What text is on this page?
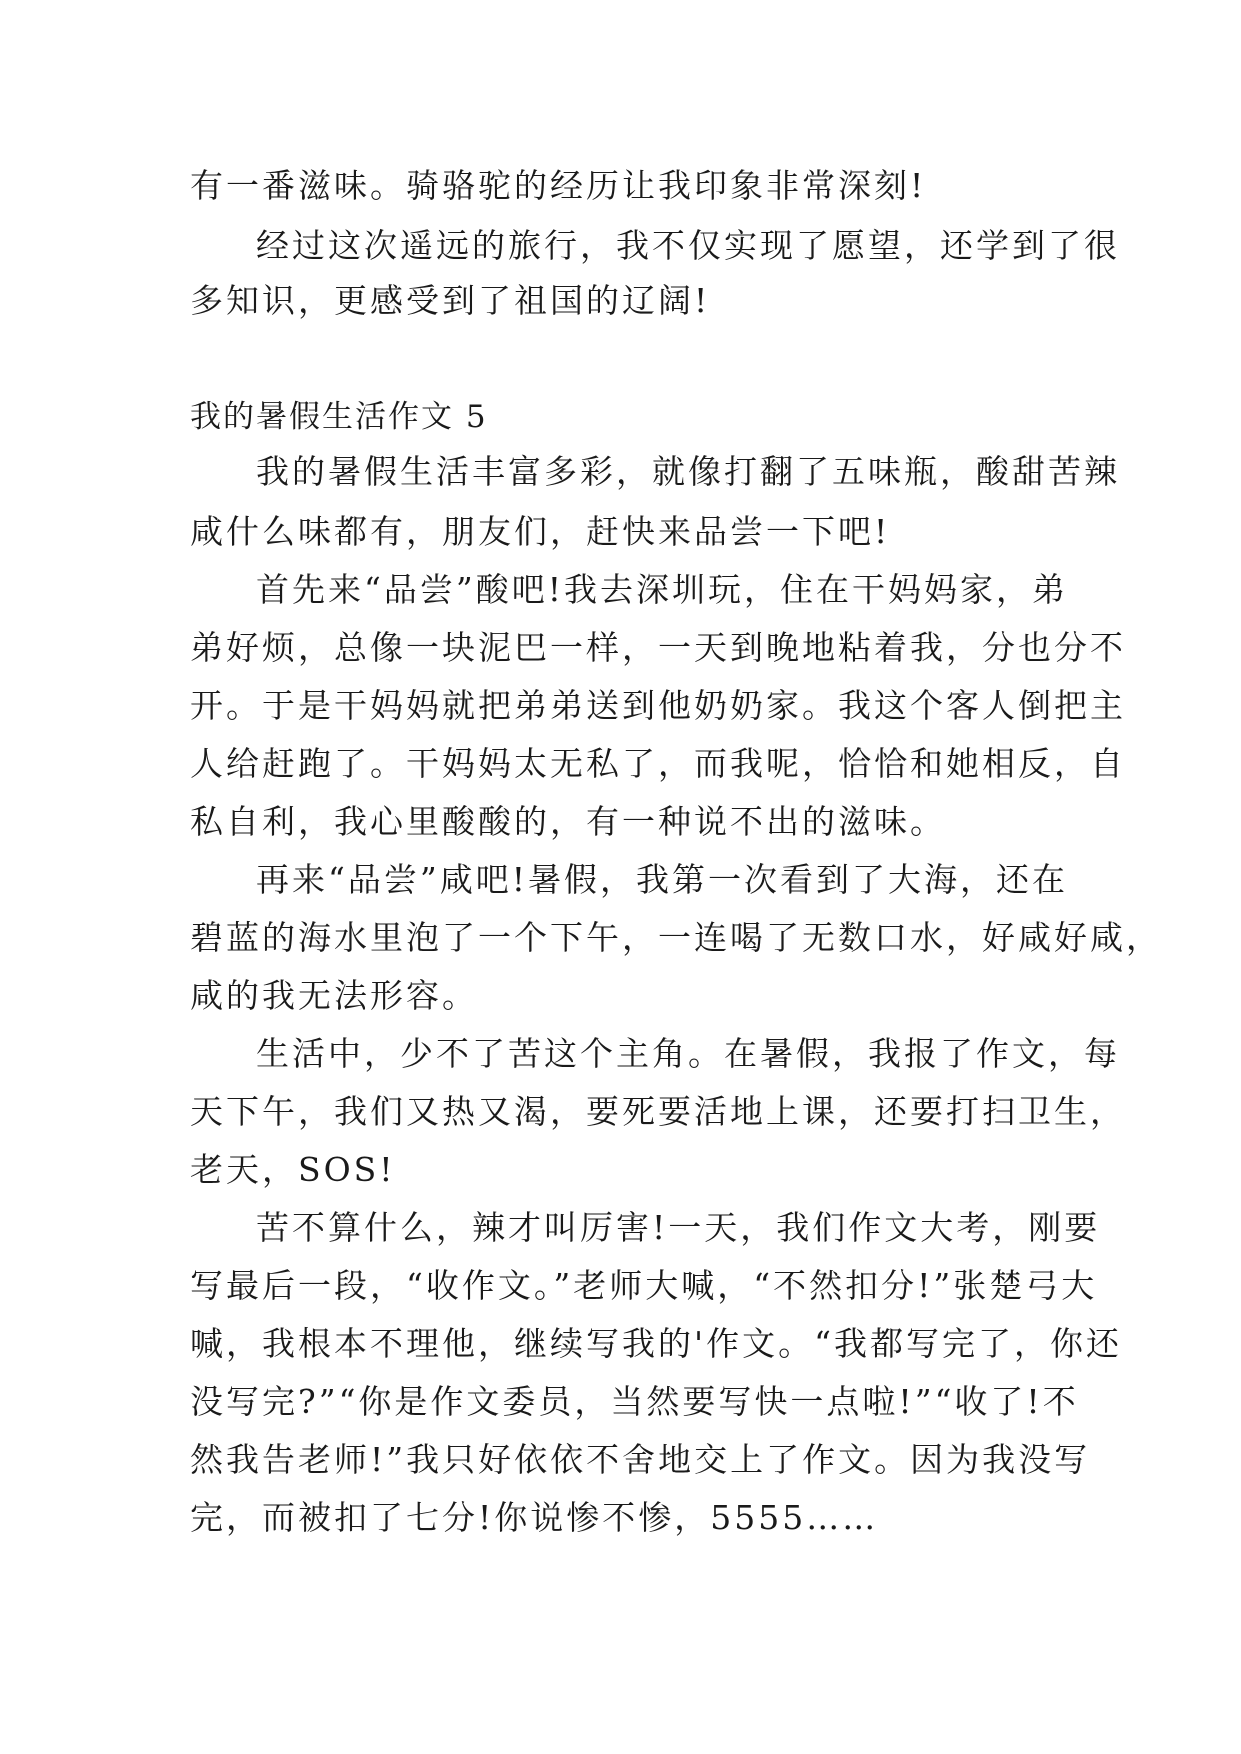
有一番滋味。骑骆驼的经历让我印象非常深刻!
经过这次遥远的旅行，我不仅实现了愿望，还学到了很
多知识，更感受到了祖国的辽阔!
我的暑假生活作文 5
我的暑假生活丰富多彩，就像打翻了五味瓶，酸甜苦辣
咸什么味都有，朋友们，赶快来品尝一下吧!
首先来“品尝”酸吧!我去深圳玩，住在干妈妈家，弟
弟好烦，总像一块泥巴一样，一天到晚地粘着我，分也分不
开。于是干妈妈就把弟弟送到他奶奶家。我这个客人倒把主
人给赶跑了。干妈妈太无私了，而我呢，恰恰和她相反，自
私自利，我心里酸酸的，有一种说不出的滋味。
再来“品尝”咸吧!暑假，我第一次看到了大海，还在
碧蓝的海水里泡了一个下午，一连喝了无数口水，好咸好咸，
咸的我无法形容。
生活中，少不了苦这个主角。在暑假，我报了作文，每
天下午，我们又热又渴，要死要活地上课，还要打扫卫生，
老天，SOS!
苦不算什么，辣才叫厉害!一天，我们作文大考，刚要
写最后一段，“收作文。”老师大喊，“不然扣分!”张楚弓大
喊，我根本不理他，继续写我的'作文。“我都写完了，你还
没写完?”“你是作文委员，当然要写快一点啦!”“收了!不
然我告老师!”我只好依依不舍地交上了作文。因为我没写
完，而被扣了七分!你说惨不惨，5555……
